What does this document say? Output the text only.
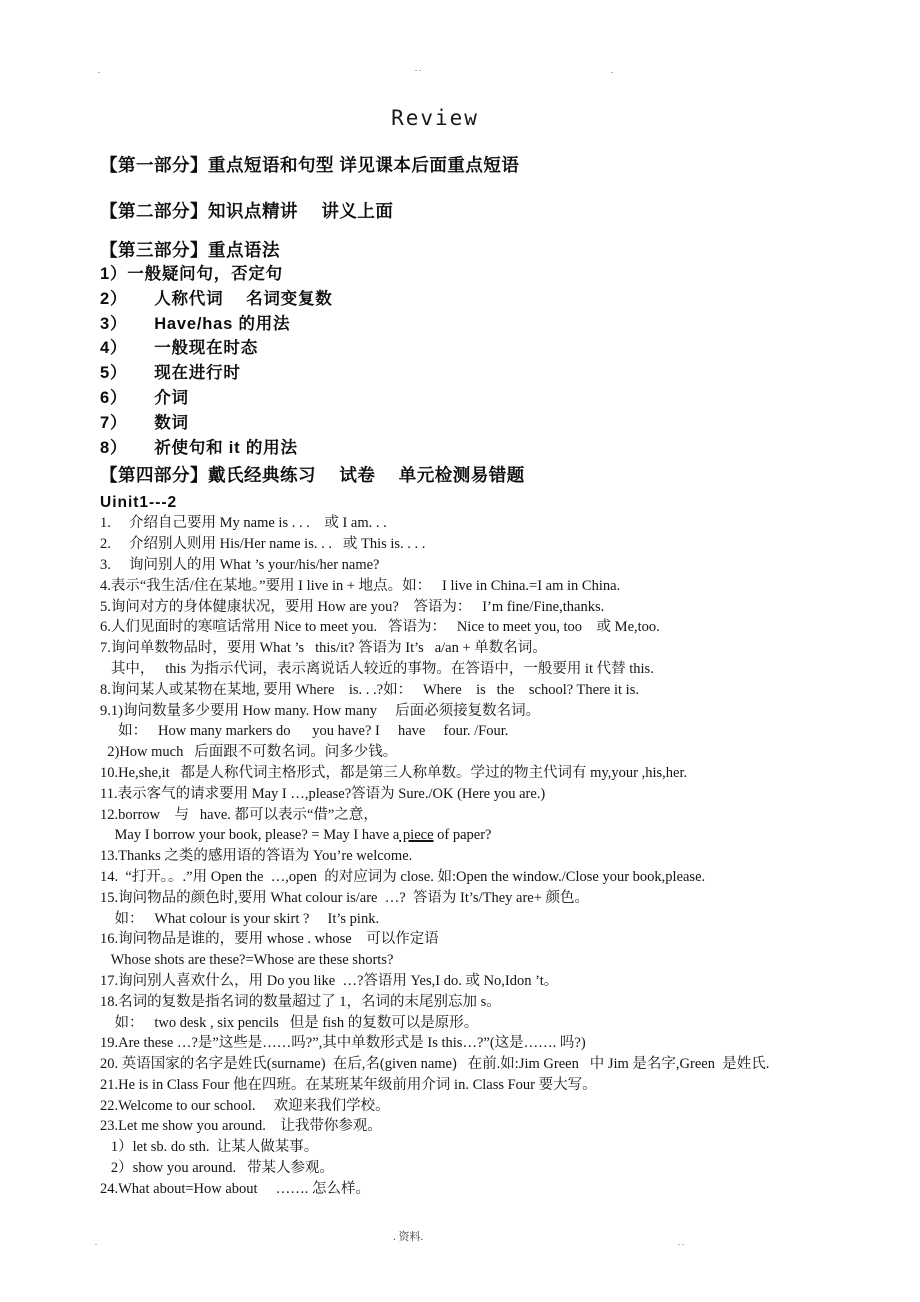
.	. .	.
Review
【第一部分】重点短语和句型 详见课本后面重点短语
【第二部分】知识点精讲　 讲义上面
【第三部分】重点语法
1）一般疑问句，否定句
2）     人称代词　 名词变复数
3）     Have/has 的用法
4）     一般现在时态
5）     现在进行时
6）     介词
7）     数词
8）     祈使句和 it 的用法
【第四部分】戴氏经典练习　 试卷　 单元检测易错题
Uinit1---2
1.     介绍自己要用 My name is . . .    或 I am. . .
2.     介绍别人则用 His/Her name is. . .   或 This is. . . .
3.     询问别人的用 What ’s your/his/her name?
4.表示“我生活/住在某地。”要用 I live in + 地点。如：   I live in China.=I am in China.
5.询问对方的身体健康状况，要用 How are you?    答语为：   I’m fine/Fine,thanks.
6.人们见面时的寒喧话常用 Nice to meet you.   答语为：   Nice to meet you, too    或 Me,too.
7.询问单数物品时，要用 What ’s   this/it? 答语为 It’s   a/an + 单数名词。
其中，   this 为指示代词，表示离说话人较近的事物。在答语中，一般要用 it 代替 this.
8.询问某人或某物在某地, 要用 Where    is. . .?如：   Where    is   the    school? There it is.
9.1)询问数量多少要用 How many. How many     后面必须接复数名词。
如：   How many markers do      you have? I     have     four. /Four.
2)How much   后面跟不可数名词。问多少钱。
10.He,she,it   都是人称代词主格形式，都是第三人称单数。学过的物主代词有 my,your ,his,her.
11.表示客气的请求要用 May I …,please?答语为 Sure./OK (Here you are.)
12.borrow    与   have. 都可以表示“借”之意，
May I borrow your book, please? = May I have a piece of paper?
13.Thanks 之类的感用语的答语为 You’re welcome.
14.  “打开。。.”用 Open the  …,open  的对应词为 close. 如:Open the window./Close your book,please.
15.询问物品的颜色时,要用 What colour is/are  …?  答语为 It’s/They are+ 颜色。
如：   What colour is your skirt ?     It’s pink.
16.询问物品是谁的，要用 whose . whose    可以作定语
Whose shots are these?=Whose are these shorts?
17.询问别人喜欢什么，用 Do you like  …?答语用 Yes,I do. 或 No,Idon ’t。
18.名词的复数是指名词的数量超过了 1，名词的末尾别忘加 s。
如：   two desk , six pencils   但是 fish 的复数可以是原形。
19.Are these …?是”这些是……吗?”,其中单数形式是 Is this…?”(这是……. 吗?)
20. 英语国家的名字是姓氏(surname)  在后,名(given name)   在前.如:Jim Green   中 Jim 是名字,Green  是姓氏.
21.He is in Class Four 他在四班。在某班某年级前用介词 in. Class Four 要大写。
22.Welcome to our school.     欢迎来我们学校。
23.Let me show you around.    让我带你参观。
1）let sb. do sth.  让某人做某事。
2）show you around.   带某人参观。
24.What about=How about     ……. 怎么样。
.	. 资料.	. .
